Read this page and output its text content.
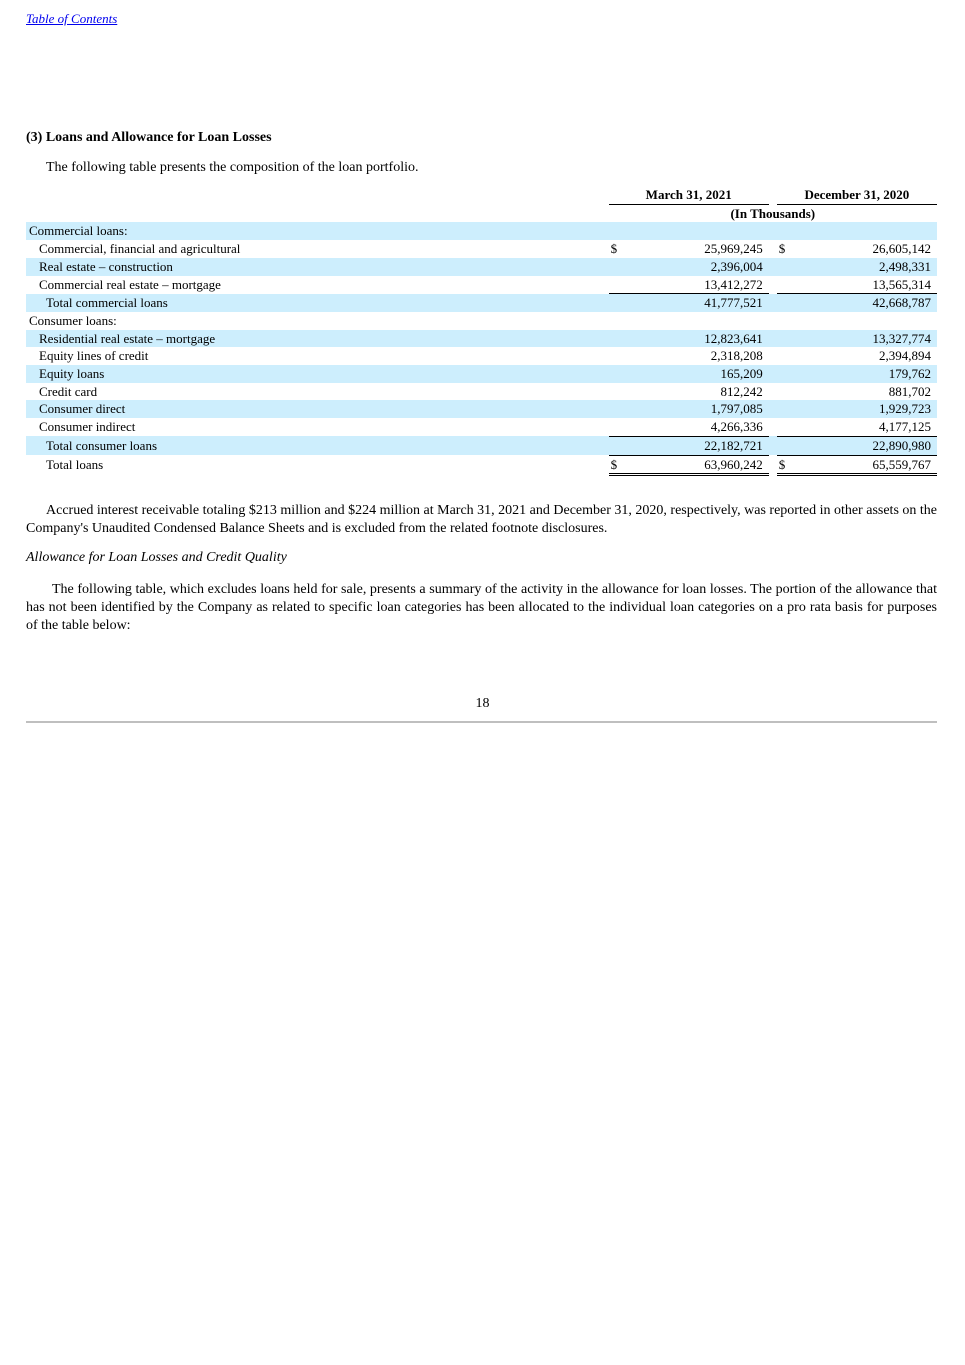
Table of Contents
(3) Loans and Allowance for Loan Losses
The following table presents the composition of the loan portfolio.
	March 31, 2021			December 31, 2020	
	(In Thousands)				
Commercial loans:					
Commercial, financial and agricultural	$	25,969,245		$	26,605,142
Real estate – construction		2,396,004			2,498,331
Commercial real estate – mortgage		13,412,272			13,565,314
Total commercial loans		41,777,521			42,668,787
Consumer loans:					
Residential real estate – mortgage		12,823,641			13,327,774
Equity lines of credit		2,318,208			2,394,894
Equity loans		165,209			179,762
Credit card		812,242			881,702
Consumer direct		1,797,085			1,929,723
Consumer indirect		4,266,336			4,177,125
Total consumer loans		22,182,721			22,890,980
Total loans	$	63,960,242		$	65,559,767

Accrued interest receivable totaling $213 million and $224 million at March 31, 2021 and December 31, 2020, respectively, was reported in other assets on the Company's Unaudited Condensed Balance Sheets and is excluded from the related footnote disclosures.

Allowance for Loan Losses and Credit Quality

The following table, which excludes loans held for sale, presents a summary of the activity in the allowance for loan losses. The portion of the allowance that has not been identified by the Company as related to specific loan categories has been allocated to the individual loan categories on a pro rata basis for purposes of the table below:

18
